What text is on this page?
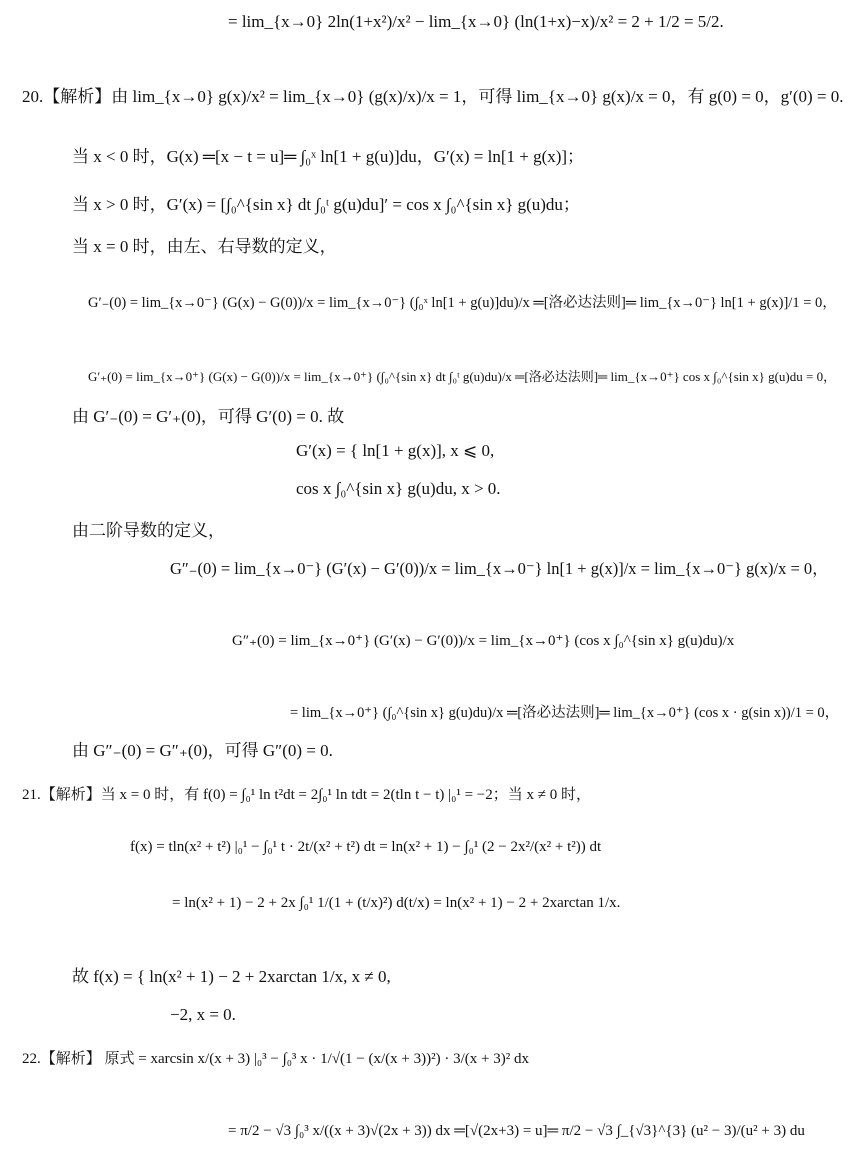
= lim_{x→0} 2ln(1+x²)/x² − lim_{x→0} (ln(1+x)−x)/x² = 2 + 1/2 = 5/2.
20.【解析】由 lim_{x→0} g(x)/x² = lim_{x→0} (g(x)/x)/x = 1，可得 lim_{x→0} g(x)/x = 0，有 g(0) = 0，g′(0) = 0.
当 x < 0 时，G(x) ═[x − t = u]═ ∫₀ˣ ln[1 + g(u)]du，G′(x) = ln[1 + g(x)]；
当 x > 0 时，G′(x) = [∫₀^{sin x} dt ∫₀ᵗ g(u)du]′ = cos x ∫₀^{sin x} g(u)du；
当 x = 0 时，由左、右导数的定义，
G′₋(0) = lim_{x→0⁻} (G(x) − G(0))/x = lim_{x→0⁻} (∫₀ˣ ln[1 + g(u)]du)/x ═[洛必达法则]═ lim_{x→0⁻} ln[1 + g(x)]/1 = 0，
G′₊(0) = lim_{x→0⁺} (G(x) − G(0))/x = lim_{x→0⁺} (∫₀^{sin x} dt ∫₀ᵗ g(u)du)/x ═[洛必达法则]═ lim_{x→0⁺} cos x ∫₀^{sin x} g(u)du = 0，
由 G′₋(0) = G′₊(0)，可得 G′(0) = 0. 故
G′(x) = { ln[1 + g(x)], x ⩽ 0,
cos x ∫₀^{sin x} g(u)du, x > 0.
由二阶导数的定义，
G″₋(0) = lim_{x→0⁻} (G′(x) − G′(0))/x = lim_{x→0⁻} ln[1 + g(x)]/x = lim_{x→0⁻} g(x)/x = 0，
G″₊(0) = lim_{x→0⁺} (G′(x) − G′(0))/x = lim_{x→0⁺} (cos x ∫₀^{sin x} g(u)du)/x
= lim_{x→0⁺} (∫₀^{sin x} g(u)du)/x ═[洛必达法则]═ lim_{x→0⁺} (cos x · g(sin x))/1 = 0，
由 G″₋(0) = G″₊(0)，可得 G″(0) = 0.
21.【解析】当 x = 0 时，有 f(0) = ∫₀¹ ln t²dt = 2∫₀¹ ln tdt = 2(tln t − t) |₀¹ = −2；当 x ≠ 0 时，
f(x) = tln(x² + t²) |₀¹ − ∫₀¹ t · 2t/(x² + t²) dt = ln(x² + 1) − ∫₀¹ (2 − 2x²/(x² + t²)) dt
= ln(x² + 1) − 2 + 2x ∫₀¹ 1/(1 + (t/x)²) d(t/x) = ln(x² + 1) − 2 + 2xarctan 1/x.
故 f(x) = { ln(x² + 1) − 2 + 2xarctan 1/x, x ≠ 0,
−2, x = 0.
22.【解析】 原式 = xarcsin x/(x + 3) |₀³ − ∫₀³ x · 1/√(1 − (x/(x + 3))²) · 3/(x + 3)² dx
= π/2 − √3 ∫₀³ x/((x + 3)√(2x + 3)) dx ═[√(2x+3) = u]═ π/2 − √3 ∫_{√3}^{3} (u² − 3)/(u² + 3) du
